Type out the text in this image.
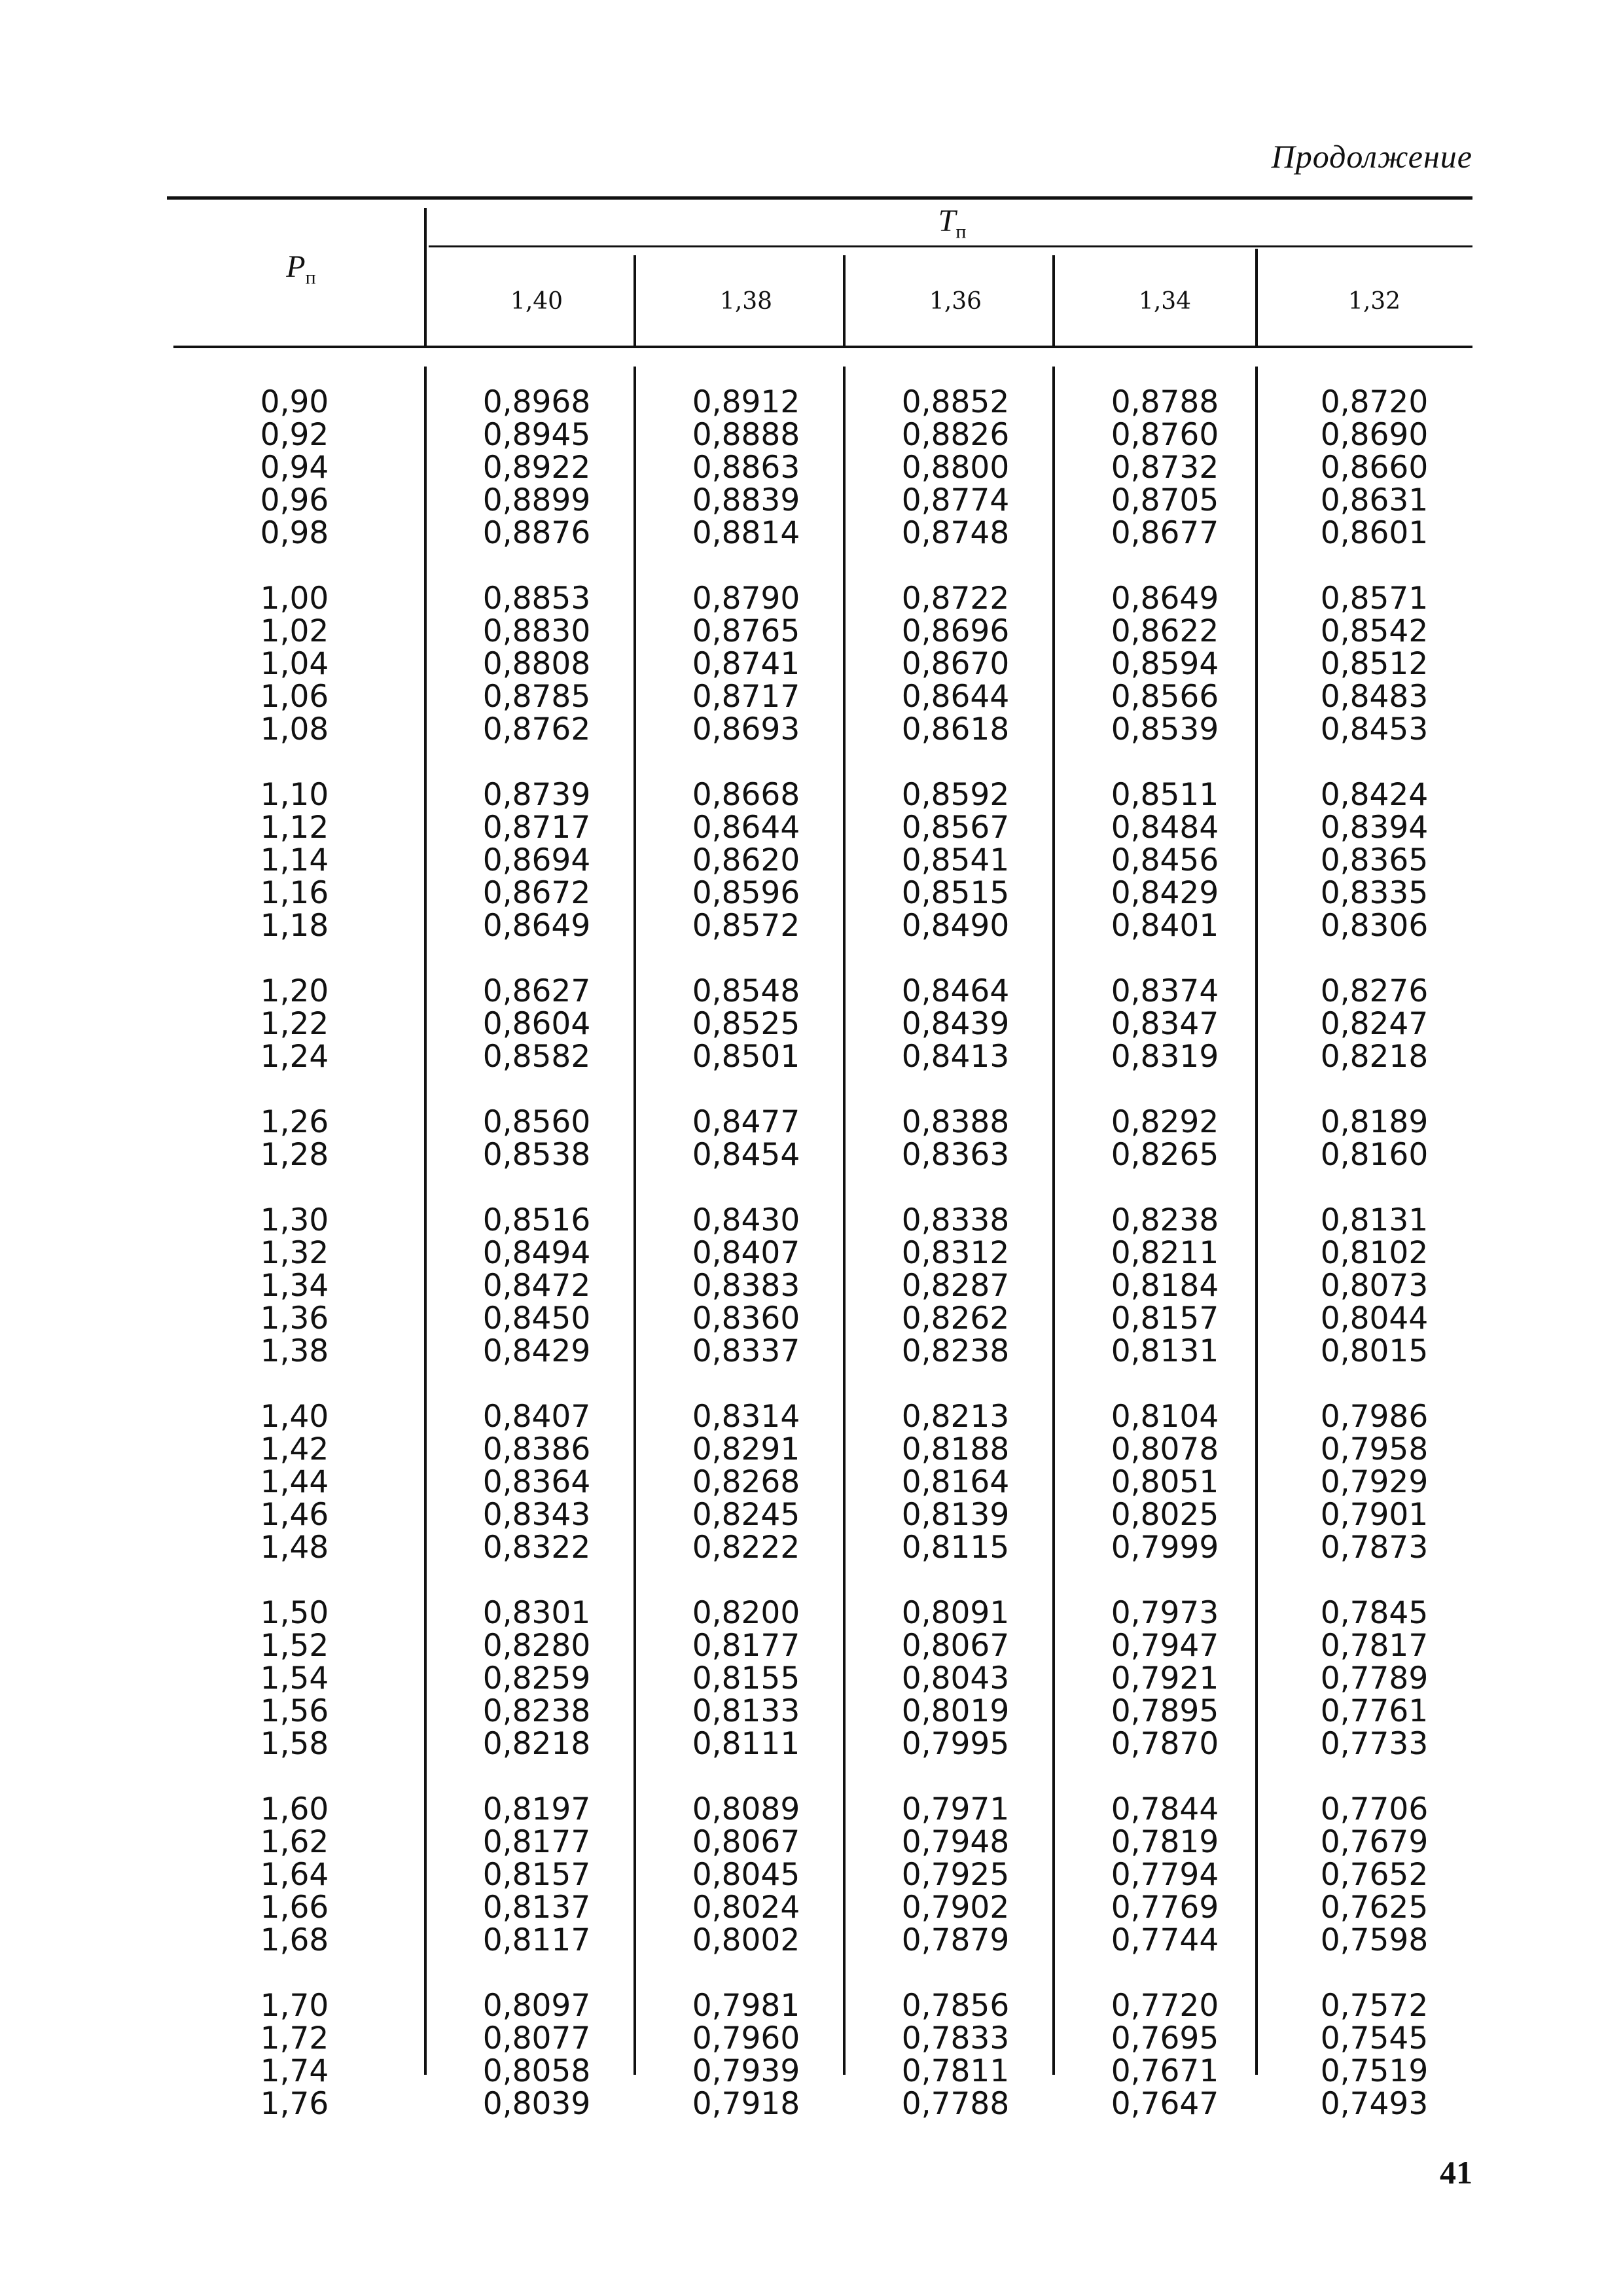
Продолжение
$P_п$
$T_п$
1,40	1,38	1,36	1,34	1,32
0,90	0,8968	0,8912	0,8852	0,8788	0,8720
0,92	0,8945	0,8888	0,8826	0,8760	0,8690
0,94	0,8922	0,8863	0,8800	0,8732	0,8660
0,96	0,8899	0,8839	0,8774	0,8705	0,8631
0,98	0,8876	0,8814	0,8748	0,8677	0,8601
1,00	0,8853	0,8790	0,8722	0,8649	0,8571
1,02	0,8830	0,8765	0,8696	0,8622	0,8542
1,04	0,8808	0,8741	0,8670	0,8594	0,8512
1,06	0,8785	0,8717	0,8644	0,8566	0,8483
1,08	0,8762	0,8693	0,8618	0,8539	0,8453
1,10	0,8739	0,8668	0,8592	0,8511	0,8424
1,12	0,8717	0,8644	0,8567	0,8484	0,8394
1,14	0,8694	0,8620	0,8541	0,8456	0,8365
1,16	0,8672	0,8596	0,8515	0,8429	0,8335
1,18	0,8649	0,8572	0,8490	0,8401	0,8306
1,20	0,8627	0,8548	0,8464	0,8374	0,8276
1,22	0,8604	0,8525	0,8439	0,8347	0,8247
1,24	0,8582	0,8501	0,8413	0,8319	0,8218
1,26	0,8560	0,8477	0,8388	0,8292	0,8189
1,28	0,8538	0,8454	0,8363	0,8265	0,8160
1,30	0,8516	0,8430	0,8338	0,8238	0,8131
1,32	0,8494	0,8407	0,8312	0,8211	0,8102
1,34	0,8472	0,8383	0,8287	0,8184	0,8073
1,36	0,8450	0,8360	0,8262	0,8157	0,8044
1,38	0,8429	0,8337	0,8238	0,8131	0,8015
1,40	0,8407	0,8314	0,8213	0,8104	0,7986
1,42	0,8386	0,8291	0,8188	0,8078	0,7958
1,44	0,8364	0,8268	0,8164	0,8051	0,7929
1,46	0,8343	0,8245	0,8139	0,8025	0,7901
1,48	0,8322	0,8222	0,8115	0,7999	0,7873
1,50	0,8301	0,8200	0,8091	0,7973	0,7845
1,52	0,8280	0,8177	0,8067	0,7947	0,7817
1,54	0,8259	0,8155	0,8043	0,7921	0,7789
1,56	0,8238	0,8133	0,8019	0,7895	0,7761
1,58	0,8218	0,8111	0,7995	0,7870	0,7733
1,60	0,8197	0,8089	0,7971	0,7844	0,7706
1,62	0,8177	0,8067	0,7948	0,7819	0,7679
1,64	0,8157	0,8045	0,7925	0,7794	0,7652
1,66	0,8137	0,8024	0,7902	0,7769	0,7625
1,68	0,8117	0,8002	0,7879	0,7744	0,7598
1,70	0,8097	0,7981	0,7856	0,7720	0,7572
1,72	0,8077	0,7960	0,7833	0,7695	0,7545
1,74	0,8058	0,7939	0,7811	0,7671	0,7519
1,76	0,8039	0,7918	0,7788	0,7647	0,7493
41
